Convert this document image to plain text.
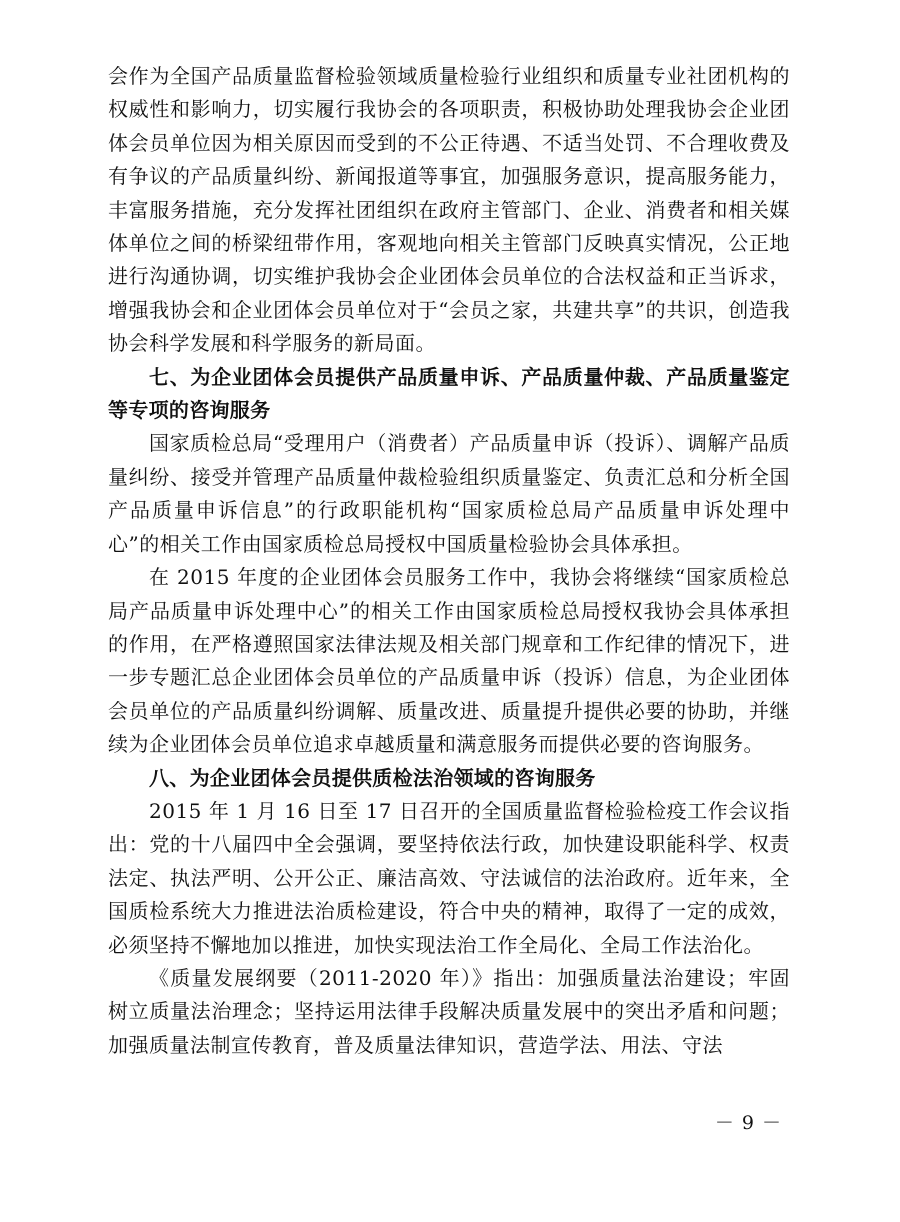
会作为全国产品质量监督检验领域质量检验行业组织和质量专业社团机构的权威性和影响力，切实履行我协会的各项职责，积极协助处理我协会企业团体会员单位因为相关原因而受到的不公正待遇、不适当处罚、不合理收费及有争议的产品质量纠纷、新闻报道等事宜，加强服务意识，提高服务能力，丰富服务措施，充分发挥社团组织在政府主管部门、企业、消费者和相关媒体单位之间的桥梁纽带作用，客观地向相关主管部门反映真实情况，公正地进行沟通协调，切实维护我协会企业团体会员单位的合法权益和正当诉求，增强我协会和企业团体会员单位对于“会员之家，共建共享”的共识，创造我协会科学发展和科学服务的新局面。

七、为企业团体会员提供产品质量申诉、产品质量仲裁、产品质量鉴定等专项的咨询服务

国家质检总局“受理用户（消费者）产品质量申诉（投诉）、调解产品质量纠纷、接受并管理产品质量仲裁检验组织质量鉴定、负责汇总和分析全国产品质量申诉信息”的行政职能机构“国家质检总局产品质量申诉处理中心”的相关工作由国家质检总局授权中国质量检验协会具体承担。

在 2015 年度的企业团体会员服务工作中，我协会将继续“国家质检总局产品质量申诉处理中心”的相关工作由国家质检总局授权我协会具体承担的作用，在严格遵照国家法律法规及相关部门规章和工作纪律的情况下，进一步专题汇总企业团体会员单位的产品质量申诉（投诉）信息，为企业团体会员单位的产品质量纠纷调解、质量改进、质量提升提供必要的协助，并继续为企业团体会员单位追求卓越质量和满意服务而提供必要的咨询服务。

八、为企业团体会员提供质检法治领域的咨询服务

2015 年 1 月 16 日至 17 日召开的全国质量监督检验检疫工作会议指出：党的十八届四中全会强调，要坚持依法行政，加快建设职能科学、权责法定、执法严明、公开公正、廉洁高效、守法诚信的法治政府。近年来，全国质检系统大力推进法治质检建设，符合中央的精神，取得了一定的成效，必须坚持不懈地加以推进，加快实现法治工作全局化、全局工作法治化。

《质量发展纲要（2011-2020 年）》指出：加强质量法治建设；牢固树立质量法治理念；坚持运用法律手段解决质量发展中的突出矛盾和问题；加强质量法制宣传教育，普及质量法律知识，营造学法、用法、守法

－ 9 －
